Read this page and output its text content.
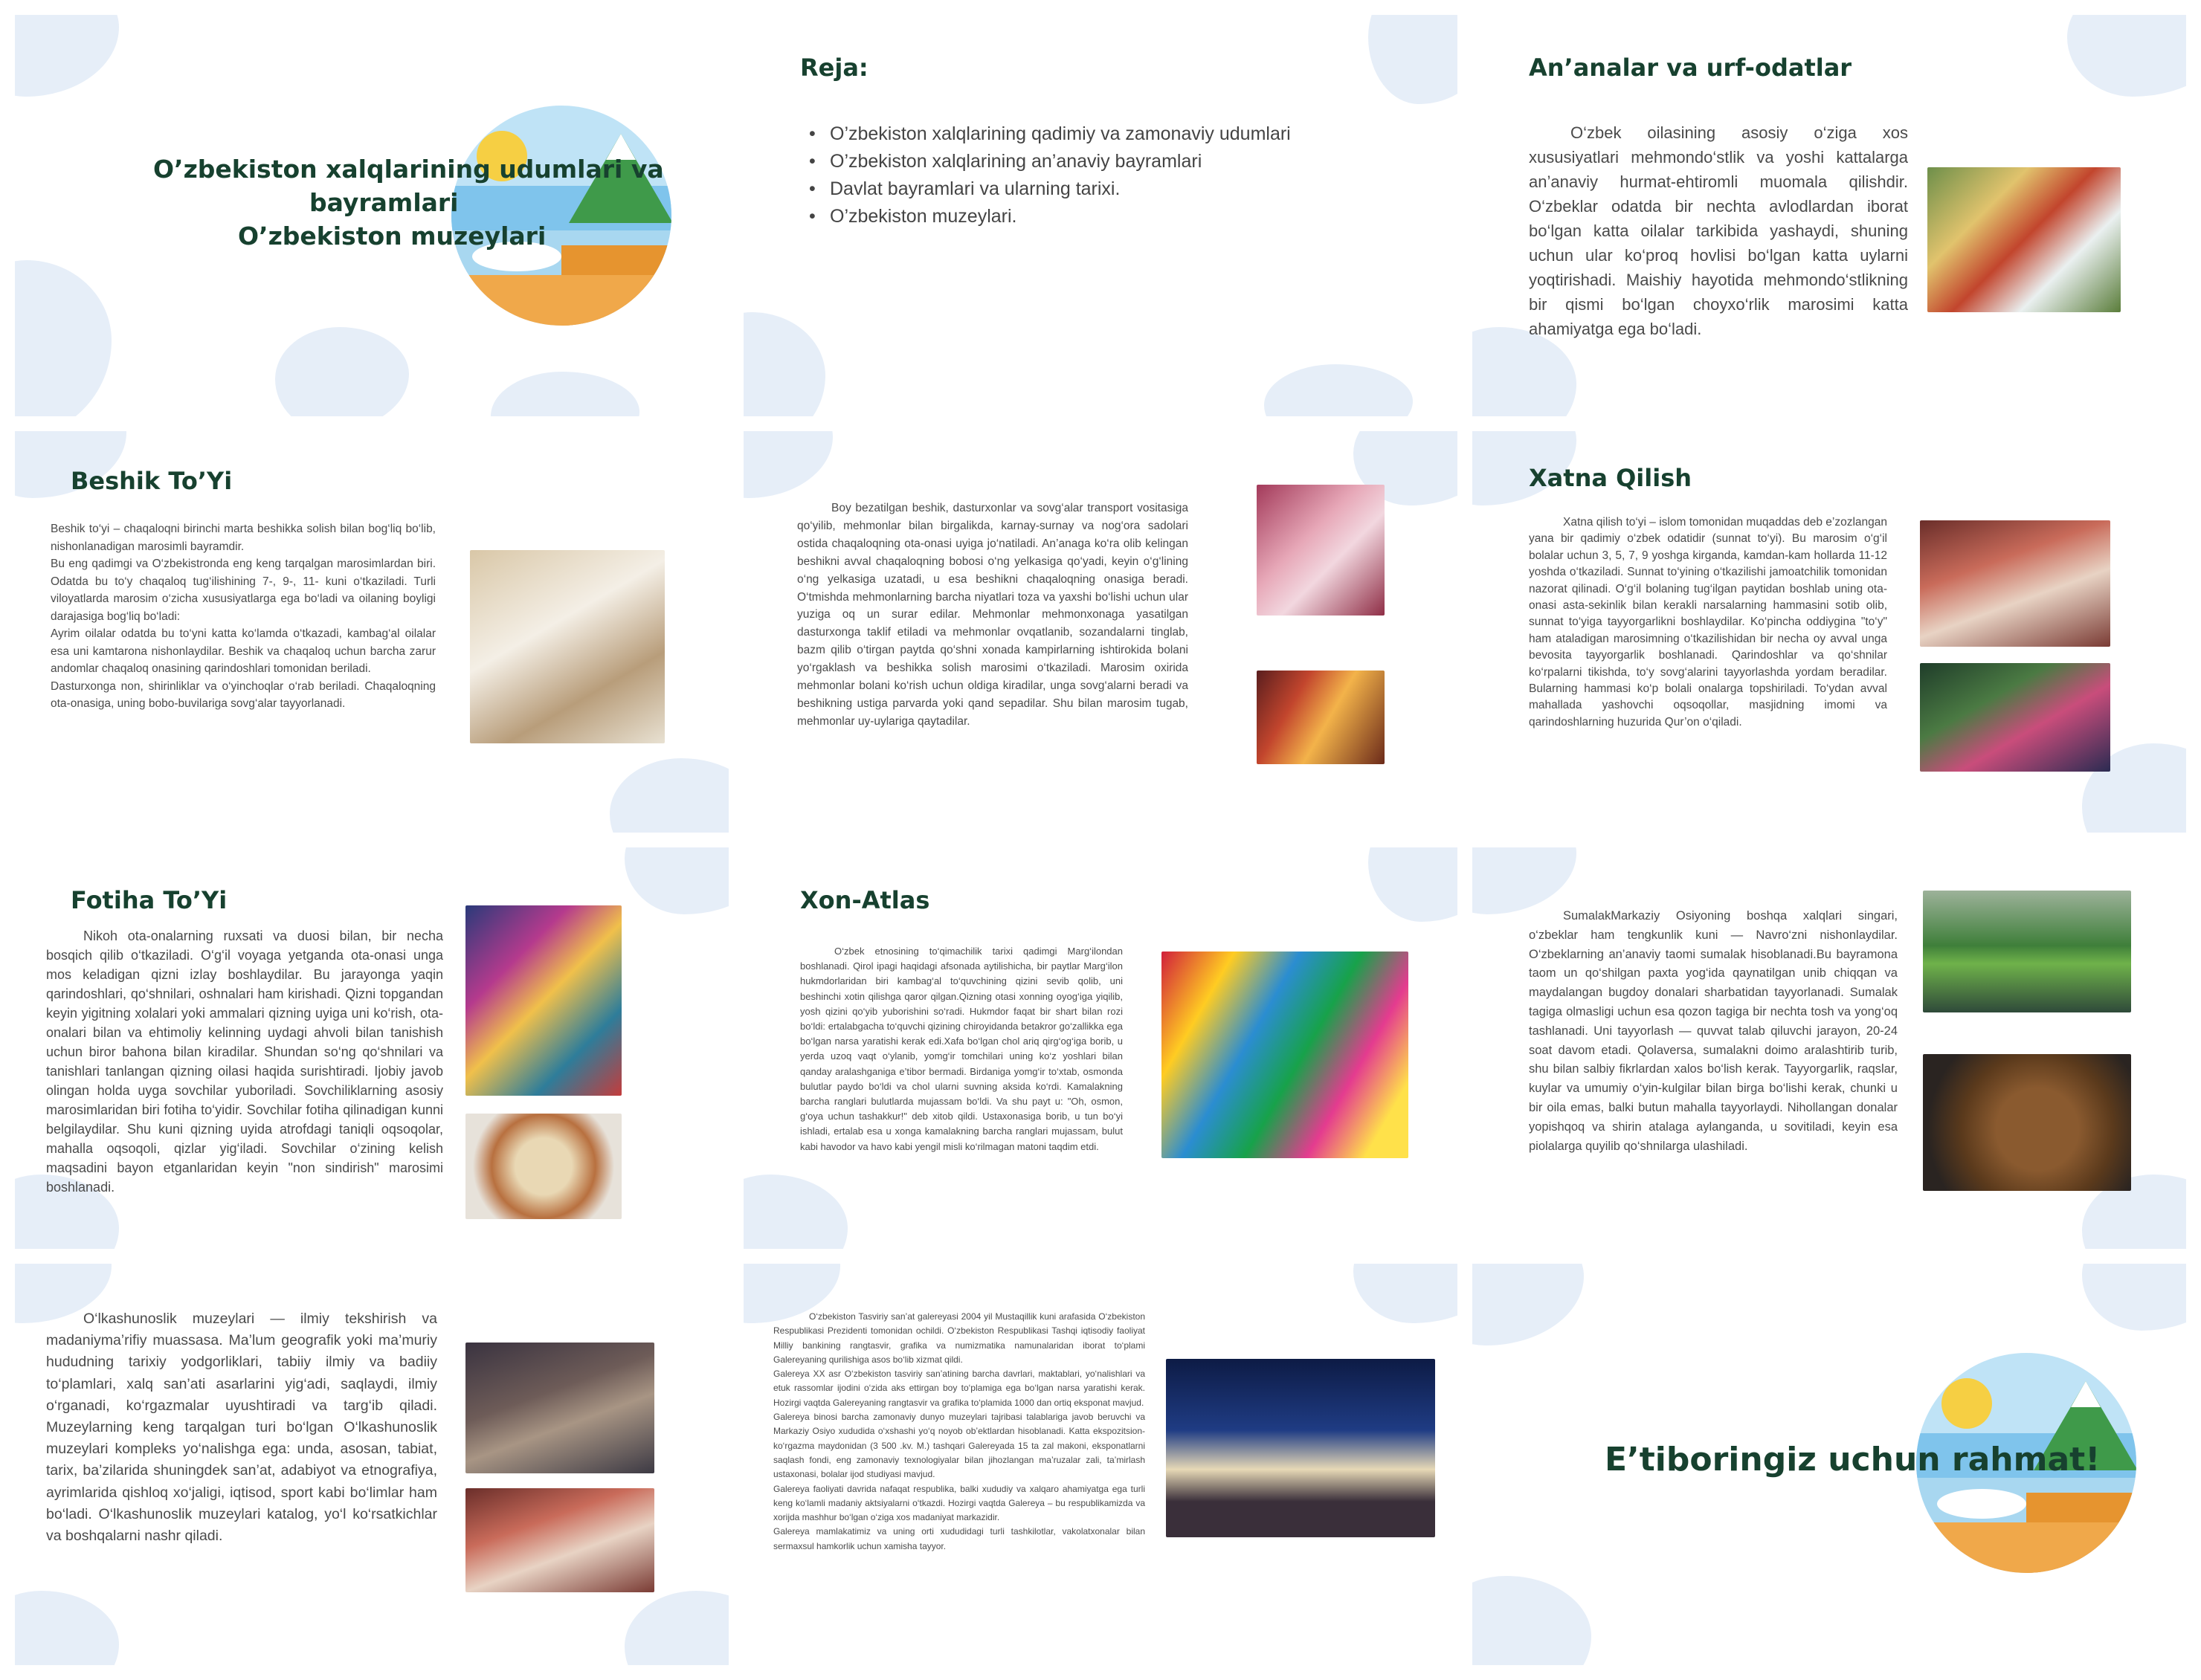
O’zbekiston xalqlarining udumlari va
bayramlari
O’zbekiston muzeylari
Reja:
• O’zbekiston xalqlarining qadimiy va zamonaviy udumlari
• O’zbekiston xalqlarining an’anaviy bayramlari
• Davlat bayramlari va ularning tarixi.
• O’zbekiston muzeylari.
An’analar va urf-odatlar
O‘zbek oilasining asosiy o‘ziga xos xususiyatlari mehmondo‘stlik va yoshi kattalarga an’anaviy hurmat-ehtiromli muomala qilishdir. O‘zbeklar odatda bir nechta avlodlardan iborat bo‘lgan katta oilalar tarkibida yashaydi, shuning uchun ular ko‘proq hovlisi bo‘lgan katta uylarni yoqtirishadi. Maishiy hayotida mehmondo‘stlikning bir qismi bo‘lgan choyxo‘rlik marosimi katta ahamiyatga ega bo‘ladi.
Beshik To’Yi
Beshik to‘yi – chaqaloqni birinchi marta beshikka solish bilan bog‘liq bo‘lib, nishonlanadigan marosimli bayramdir.
Bu eng qadimgi va O‘zbekistronda eng keng tarqalgan marosimlardan biri. Odatda bu to‘y chaqaloq tug‘ilishining 7-, 9-, 11- kuni o‘tkaziladi. Turli viloyatlarda marosim o‘zicha xususiyatlarga ega bo‘ladi va oilaning boyligi darajasiga bog‘liq bo‘ladi:
Ayrim oilalar odatda bu to‘yni katta ko‘lamda o‘tkazadi, kambag‘al oilalar esa uni kamtarona nishonlaydilar. Beshik va chaqaloq uchun barcha zarur andomlar chaqaloq onasining qarindoshlari tomonidan beriladi.
Dasturxonga non, shirinliklar va o‘yinchoqlar o‘rab beriladi. Chaqaloqning ota-onasiga, uning bobo-buvilariga sovg‘alar tayyorlanadi.
Boy bezatilgan beshik, dasturxonlar va sovg‘alar transport vositasiga qo‘yilib, mehmonlar bilan birgalikda, karnay-surnay va nog‘ora sadolari ostida chaqaloqning ota-onasi uyiga jo‘natiladi. An’anaga ko‘ra olib kelingan beshikni avval chaqaloqning bobosi o‘ng yelkasiga qo‘yadi, keyin o‘g‘lining o‘ng yelkasiga uzatadi, u esa beshikni chaqaloqning onasiga beradi. O‘tmishda mehmonlarning barcha niyatlari toza va yaxshi bo‘lishi uchun ular yuziga oq un surar edilar. Mehmonlar mehmonxonaga yasatilgan dasturxonga taklif etiladi va mehmonlar ovqatlanib, sozandalarni tinglab, bazm qilib o‘tirgan paytda qo‘shni xonada kampirlarning ishtirokida bolani yo‘rgaklash va beshikka solish marosimi o‘tkaziladi. Marosim oxirida mehmonlar bolani ko‘rish uchun oldiga kiradilar, unga sovg‘alarni beradi va beshikning ustiga parvarda yoki qand sepadilar. Shu bilan marosim tugab, mehmonlar uy-uylariga qaytadilar.
Xatna Qilish
Xatna qilish to‘yi – islom tomonidan muqaddas deb e’zozlangan yana bir qadimiy o‘zbek odatidir (sunnat to‘yi). Bu marosim o‘g‘il bolalar uchun 3, 5, 7, 9 yoshga kirganda, kamdan-kam hollarda 11-12 yoshda o‘tkaziladi. Sunnat to‘yining o‘tkazilishi jamoatchilik tomonidan nazorat qilinadi. O‘g‘il bolaning tug‘ilgan paytidan boshlab uning ota-onasi asta-sekinlik bilan kerakli narsalarning hammasini sotib olib, sunnat to‘yiga tayyorgarlikni boshlaydilar. Ko‘pincha oddiygina "to‘y" ham ataladigan marosimning o‘tkazilishidan bir necha oy avval unga bevosita tayyorgarlik boshlanadi. Qarindoshlar va qo‘shnilar ko‘rpalarni tikishda, to‘y sovg‘alarini tayyorlashda yordam beradilar. Bularning hammasi ko‘p bolali onalarga topshiriladi. To‘ydan avval mahallada yashovchi oqsoqollar, masjidning imomi va qarindoshlarning huzurida Qur’on o‘qiladi.
Fotiha To’Yi
Nikoh ota-onalarning ruxsati va duosi bilan, bir necha bosqich qilib o‘tkaziladi. O‘g‘il voyaga yetganda ota-onasi unga mos keladigan qizni izlay boshlaydilar. Bu jarayonga yaqin qarindoshlari, qo‘shnilari, oshnalari ham kirishadi. Qizni topgandan keyin yigitning xolalari yoki ammalari qizning uyiga uni ko‘rish, ota-onalari bilan va ehtimoliy kelinning uydagi ahvoli bilan tanishish uchun biror bahona bilan kiradilar. Shundan so‘ng qo‘shnilari va tanishlari tanlangan qizning oilasi haqida surishtiradi. Ijobiy javob olingan holda uyga sovchilar yuboriladi. Sovchiliklarning asosiy marosimlaridan biri fotiha to‘yidir. Sovchilar fotiha qilinadigan kunni belgilaydilar. Shu kuni qizning uyida atrofdagi taniqli oqsoqolar, mahalla oqsoqoli, qizlar yig‘iladi. Sovchilar o‘zining kelish maqsadini bayon etganlaridan keyin "non sindirish" marosimi boshlanadi.
Xon-Atlas
O‘zbek etnosining to‘qimachilik tarixi qadimgi Marg‘ilondan boshlanadi. Qirol ipagi haqidagi afsonada aytilishicha, bir paytlar Marg‘ilon hukmdorlaridan biri kambag‘al to‘quvchining qizini sevib qolib, uni beshinchi xotin qilishga qaror qilgan.Qizning otasi xonning oyog‘iga yiqilib, yosh qizini qo‘yib yuborishini so‘radi. Hukmdor faqat bir shart bilan rozi bo‘ldi: ertalabgacha to‘quvchi qizining chiroyidanda betakror go‘zallikka ega bo‘lgan narsa yaratishi kerak edi.Xafa bo‘lgan chol ariq qirg‘og‘iga borib, u yerda uzoq vaqt o‘ylanib, yomg‘ir tomchilari uning ko‘z yoshlari bilan qanday aralashganiga e’tibor bermadi. Birdaniga yomg‘ir to‘xtab, osmonda bulutlar paydo bo‘ldi va chol ularni suvning aksida ko‘rdi. Kamalakning barcha ranglari bulutlarda mujassam bo‘ldi. Va shu payt u: "Oh, osmon, g‘oya uchun tashakkur!" deb xitob qildi. Ustaxonasiga borib, u tun bo‘yi ishladi, ertalab esa u xonga kamalakning barcha ranglari mujassam, bulut kabi havodor va havo kabi yengil misli ko‘rilmagan matoni taqdim etdi.
SumalakMarkaziy Osiyoning boshqa xalqlari singari, o‘zbeklar ham tengkunlik kuni — Navro‘zni nishonlaydilar. O‘zbeklarning an’anaviy taomi sumalak hisoblanadi.Bu bayramona taom un qo‘shilgan paxta yog‘ida qaynatilgan unib chiqqan va maydalangan bugdoy donalari sharbatidan tayyorlanadi. Sumalak tagiga olmasligi uchun esa qozon tagiga bir nechta tosh va yong‘oq tashlanadi. Uni tayyorlash — quvvat talab qiluvchi jarayon, 20-24 soat davom etadi. Qolaversa, sumalakni doimo aralashtirib turib, shu bilan salbiy fikrlardan xalos bo‘lish kerak. Tayyorgarlik, raqslar, kuylar va umumiy o‘yin-kulgilar bilan birga bo‘lishi kerak, chunki u bir oila emas, balki butun mahalla tayyorlaydi. Nihollangan donalar yopishqoq va shirin atalaga aylanganda, u sovitiladi, keyin esa piolalarga quyilib qo‘shnilarga ulashiladi.
O‘lkashunoslik muzeylari — ilmiy tekshirish va madaniyma’rifiy muassasa. Ma’lum geografik yoki ma’muriy hududning tarixiy yodgorliklari, tabiiy ilmiy va badiiy to‘plamlari, xalq san’ati asarlarini yig‘adi, saqlaydi, ilmiy o‘rganadi, ko‘rgazmalar uyushtiradi va targ‘ib qiladi. Muzeylarning keng tarqalgan turi bo‘lgan O‘lkashunoslik muzeylari kompleks yo‘nalishga ega: unda, asosan, tabiat, tarix, ba’zilarida shuningdek san’at, adabiyot va etnografiya, ayrimlarida qishloq xo‘jaligi, iqtisod, sport kabi bo‘limlar ham bo‘ladi. O‘lkashunoslik muzeylari katalog, yo‘l ko‘rsatkichlar va boshqalarni nashr qiladi.
O‘zbekiston Tasviriy san’at galereyasi 2004 yil Mustaqillik kuni arafasida O‘zbekiston Respublikasi Prezidenti tomonidan ochildi. O‘zbekiston Respublikasi Tashqi iqtisodiy faoliyat Milliy bankining rangtasvir, grafika va numizmatika namunalaridan iborat to‘plami Galereyaning qurilishiga asos bo‘lib xizmat qildi.
Galereya XX asr O‘zbekiston tasviriy san’atining barcha davrlari, maktablari, yo‘nalishlari va etuk rassomlar ijodini o‘zida aks ettirgan boy to‘plamiga ega bo‘lgan narsa yaratishi kerak. Hozirgi vaqtda Galereyaning rangtasvir va grafika to‘plamida 1000 dan ortiq eksponat mavjud.
Galereya binosi barcha zamonaviy dunyo muzeylari tajribasi talablariga javob beruvchi va Markaziy Osiyo xududida o‘xshashi yo‘q noyob ob’ektlardan hisoblanadi. Katta ekspozitsion-ko‘rgazma maydonidan (3 500 .kv. M.) tashqari Galereyada 15 ta zal makoni, eksponatlarni saqlash fondi, eng zamonaviy texnologiyalar bilan jihozlangan ma’ruzalar zali, ta’mirlash ustaxonasi, bolalar ijod studiyasi mavjud.
Galereya faoliyati davrida nafaqat respublika, balki xududiy va xalqaro ahamiyatga ega turli keng ko‘lamli madaniy aktsiyalarni o‘tkazdi. Hozirgi vaqtda Galereya – bu respublikamizda va xorijda mashhur bo‘lgan o‘ziga xos madaniyat markazidir.
Galereya mamlakatimiz va uning orti xududidagi turli tashkilotlar, vakolatxonalar bilan sermaxsul hamkorlik uchun xamisha tayyor.
E’tiboringiz uchun rahmat!
